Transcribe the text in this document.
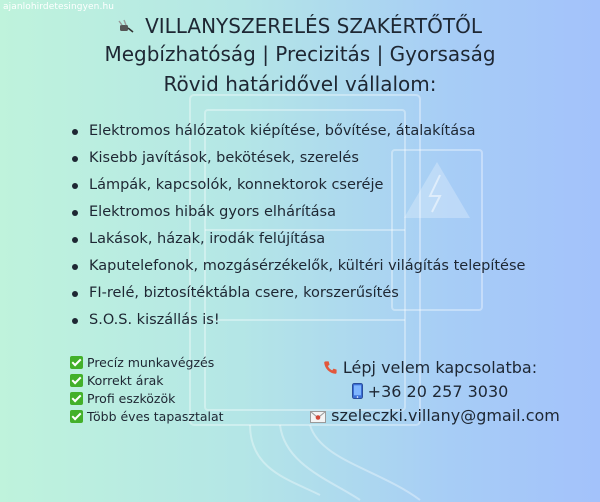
ajanlo​hirdetesingyen.hu
VILLANYSZERELÉS SZAKÉRTŐTŐL
Megbízhatóság | Precizitás | Gyorsaság
Rövid határidővel vállalom:
Elektromos hálózatok kiépítése, bővítése, átalakítása
Kisebb javítások, bekötések, szerelés
Lámpák, kapcsolók, konnektorok cseréje
Elektromos hibák gyors elhárítása
Lakások, házak, irodák felújítása
Kaputelefonok, mozgásérzékelők, kültéri világítás telepítése
FI-relé, biztosítéktábla csere, korszerűsítés
S.O.S. kiszállás is!
Precíz munkavégzés
Korrekt árak
Profi eszközök
Több éves tapasztalat
Lépj velem kapcsolatba:
+36 20 257 3030
szeleczki.villany@gmail.com
